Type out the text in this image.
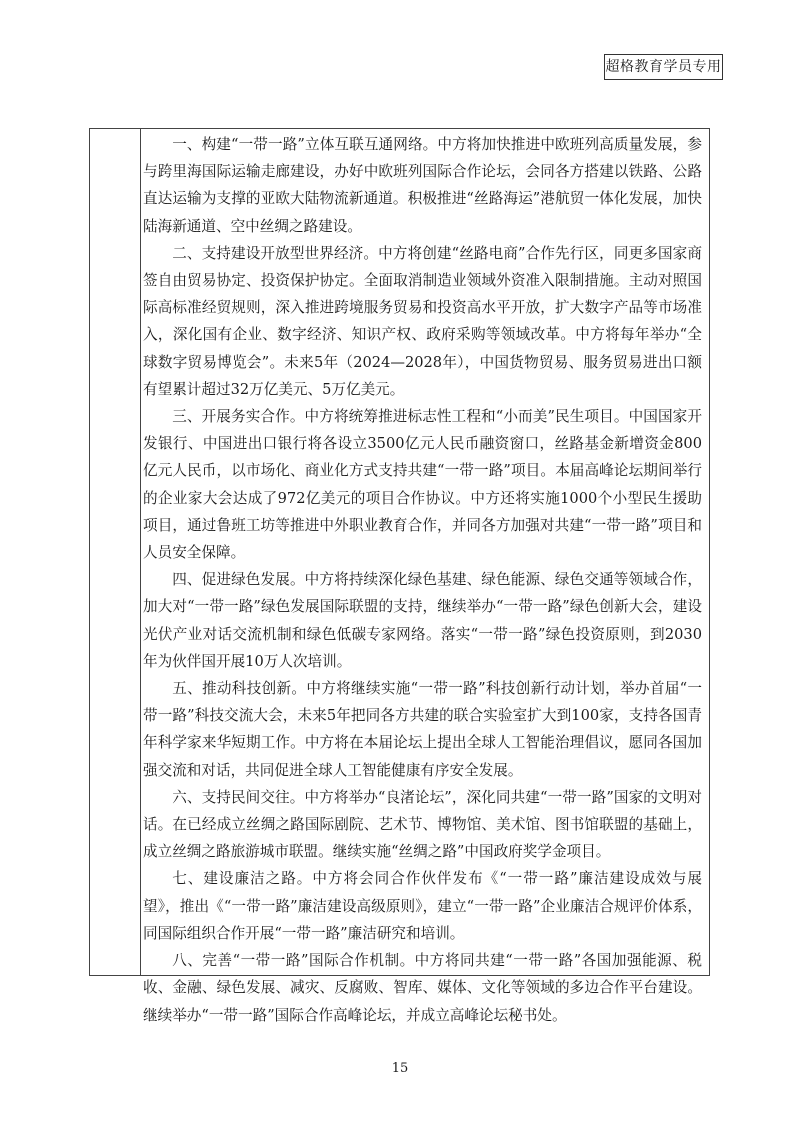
超格教育学员专用

一、构建“一带一路”立体互联互通网络。中方将加快推进中欧班列高质量发展，参与跨里海国际运输走廊建设，办好中欧班列国际合作论坛，会同各方搭建以铁路、公路直达运输为支撑的亚欧大陆物流新通道。积极推进“丝路海运”港航贸一体化发展，加快陆海新通道、空中丝绸之路建设。

二、支持建设开放型世界经济。中方将创建“丝路电商”合作先行区，同更多国家商签自由贸易协定、投资保护协定。全面取消制造业领域外资准入限制措施。主动对照国际高标准经贸规则，深入推进跨境服务贸易和投资高水平开放，扩大数字产品等市场准入，深化国有企业、数字经济、知识产权、政府采购等领域改革。中方将每年举办“全球数字贸易博览会”。未来5年（2024—2028年），中国货物贸易、服务贸易进出口额有望累计超过32万亿美元、5万亿美元。

三、开展务实合作。中方将统筹推进标志性工程和“小而美”民生项目。中国国家开发银行、中国进出口银行将各设立3500亿元人民币融资窗口，丝路基金新增资金800亿元人民币，以市场化、商业化方式支持共建“一带一路”项目。本届高峰论坛期间举行的企业家大会达成了972亿美元的项目合作协议。中方还将实施1000个小型民生援助项目，通过鲁班工坊等推进中外职业教育合作，并同各方加强对共建“一带一路”项目和人员安全保障。

四、促进绿色发展。中方将持续深化绿色基建、绿色能源、绿色交通等领域合作，加大对“一带一路”绿色发展国际联盟的支持，继续举办“一带一路”绿色创新大会，建设光伏产业对话交流机制和绿色低碳专家网络。落实“一带一路”绿色投资原则，到2030年为伙伴国开展10万人次培训。

五、推动科技创新。中方将继续实施“一带一路”科技创新行动计划，举办首届“一带一路”科技交流大会，未来5年把同各方共建的联合实验室扩大到100家，支持各国青年科学家来华短期工作。中方将在本届论坛上提出全球人工智能治理倡议，愿同各国加强交流和对话，共同促进全球人工智能健康有序安全发展。

六、支持民间交往。中方将举办“良渚论坛”，深化同共建“一带一路”国家的文明对话。在已经成立丝绸之路国际剧院、艺术节、博物馆、美术馆、图书馆联盟的基础上，成立丝绸之路旅游城市联盟。继续实施“丝绸之路”中国政府奖学金项目。

七、建设廉洁之路。中方将会同合作伙伴发布《“一带一路”廉洁建设成效与展望》，推出《“一带一路”廉洁建设高级原则》，建立“一带一路”企业廉洁合规评价体系，同国际组织合作开展“一带一路”廉洁研究和培训。

八、完善“一带一路”国际合作机制。中方将同共建“一带一路”各国加强能源、税收、金融、绿色发展、减灾、反腐败、智库、媒体、文化等领域的多边合作平台建设。继续举办“一带一路”国际合作高峰论坛，并成立高峰论坛秘书处。

15
